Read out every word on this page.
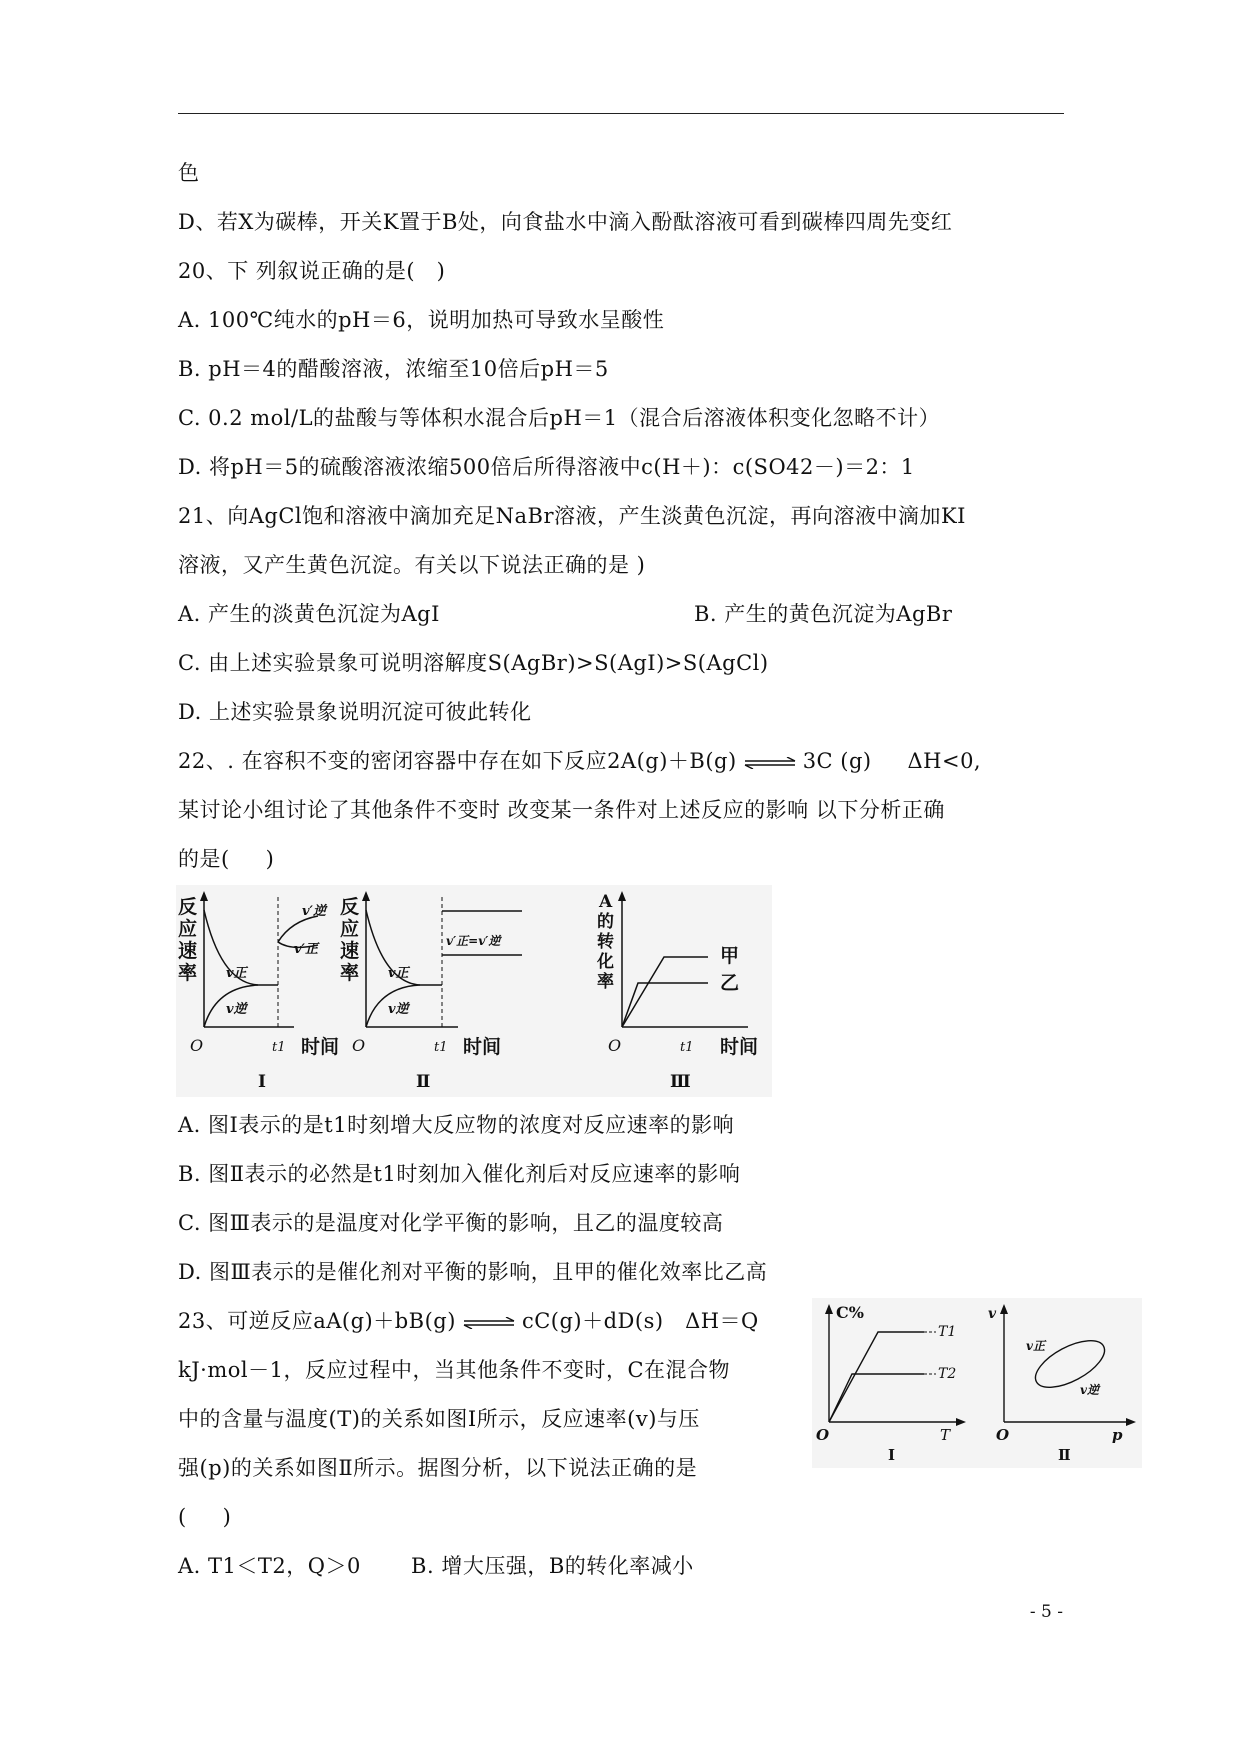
色
D、若X为碳棒，开关K置于B处，向食盐水中滴入酚酞溶液可看到碳棒四周先变红
20、下 列叙说正确的是(   )
A. 100℃纯水的pH＝6，说明加热可导致水呈酸性
B. pH＝4的醋酸溶液，浓缩至10倍后pH＝5
C. 0.2 mol/L的盐酸与等体积水混合后pH＝1（混合后溶液体积变化忽略不计）
D. 将pH＝5的硫酸溶液浓缩500倍后所得溶液中c(H＋)：c(SO42－)＝2：1
21、向AgCl饱和溶液中滴加充足NaBr溶液，产生淡黄色沉淀，再向溶液中滴加KI
溶液，又产生黄色沉淀。有关以下说法正确的是 )
A. 产生的淡黄色沉淀为AgI	B. 产生的黄色沉淀为AgBr
C. 由上述实验景象可说明溶解度S(AgBr)>S(AgI)>S(AgCl)
D. 上述实验景象说明沉淀可彼此转化
22、. 在容积不变的密闭容器中存在如下反应2A(g)＋B(g) ⇌ 3C (g)     ΔH<0,
某讨论小组讨论了其他条件不变时 改变某一条件对上述反应的影响 以下分析正确
的是(     )
反
应
速
率 v正
v逆
v′正
v′逆
O	t1 时间
Ⅰ
反
应
速
率 v正
v逆
v′正=v′逆
O	t1 时间
Ⅱ
A
的
转
化
率
甲
乙
O	t1 时间
Ⅲ
A. 图Ⅰ表示的是t1时刻增大反应物的浓度对反应速率的影响
B. 图Ⅱ表示的必然是t1时刻加入催化剂后对反应速率的影响
C. 图Ⅲ表示的是温度对化学平衡的影响，且乙的温度较高
D. 图Ⅲ表示的是催化剂对平衡的影响，且甲的催化效率比乙高
23、可逆反应aA(g)＋bB(g) ⇌ cC(g)＋dD(s)   ΔH＝Q
kJ·mol－1，反应过程中，当其他条件不变时，C在混合物
中的含量与温度(T)的关系如图Ⅰ所示，反应速率(v)与压
强(p)的关系如图Ⅱ所示。据图分析，以下说法正确的是
(     )
A. T1＜T2，Q＞0       B. 增大压强，B的转化率减小
C%
T1
T2
O	T
Ⅰ
v
v正
v逆
O	p
Ⅱ
- 5 -
